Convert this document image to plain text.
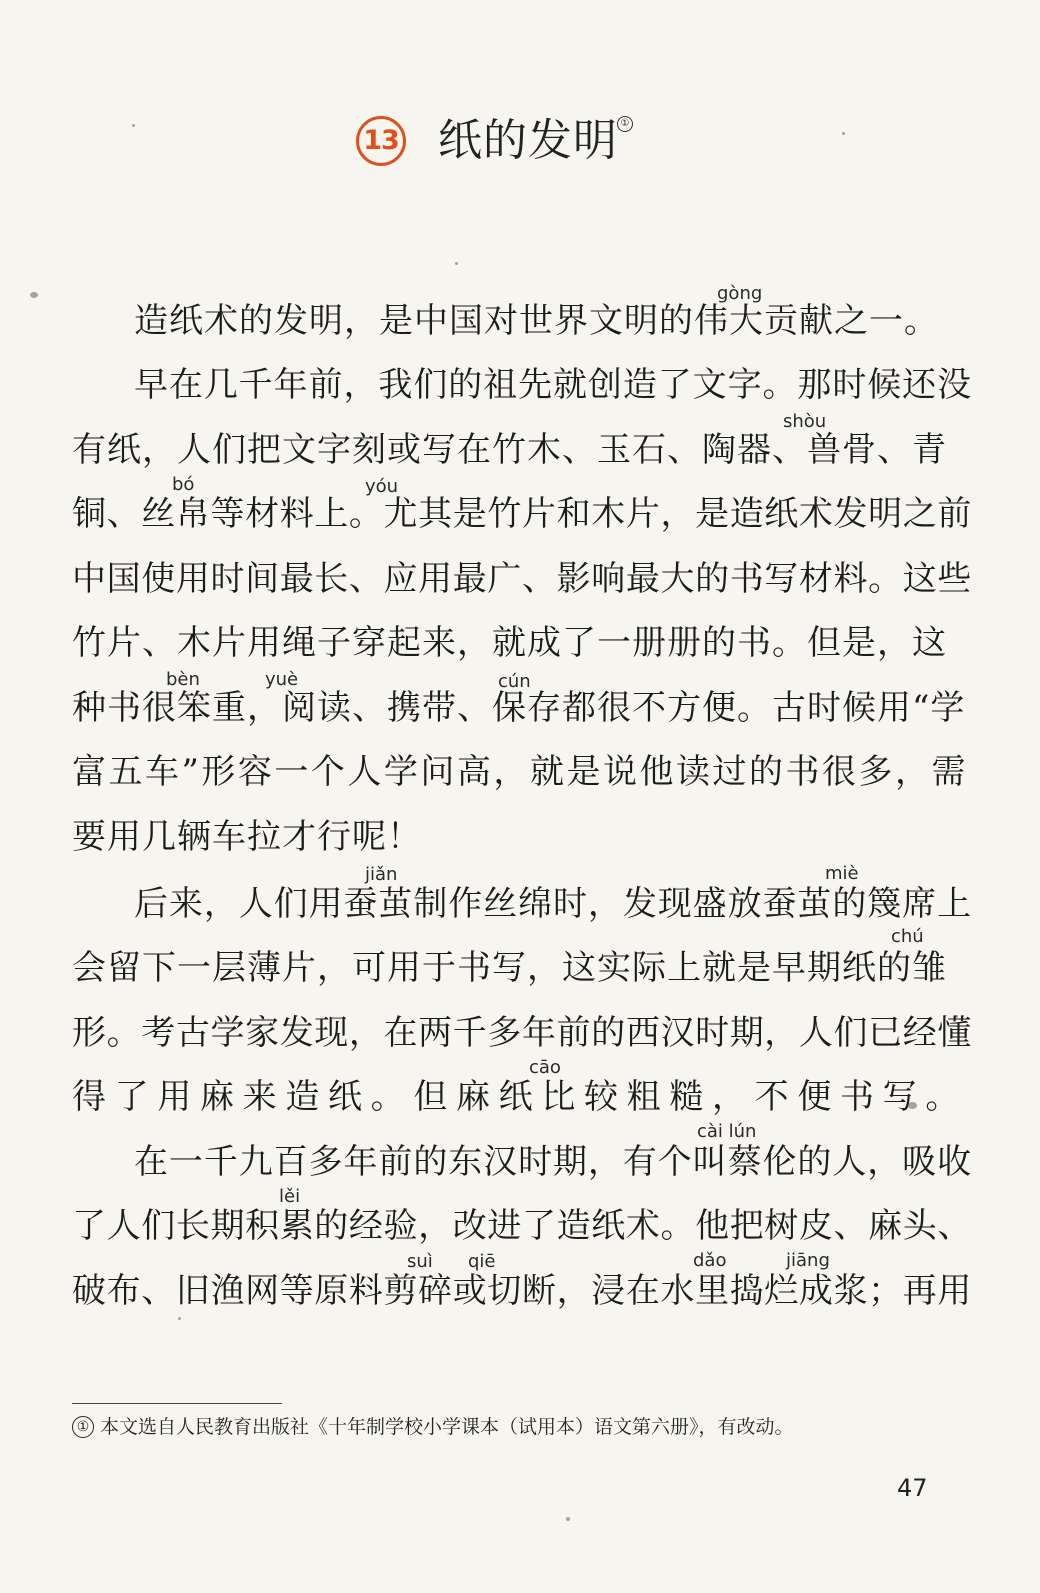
13 纸的发明 ①
造纸术的发明，是中国对世界文明的伟大贡献之一。
早在几千年前，我们的祖先就创造了文字。那时候还没
有纸，人们把文字刻或写在竹木、玉石、陶器、兽骨、青
铜、丝帛等材料上。尤其是竹片和木片，是造纸术发明之前
中国使用时间最长、应用最广、影响最大的书写材料。这些
竹片、木片用绳子穿起来，就成了一册册的书。但是，这
种书很笨重，阅读、携带、保存都很不方便。古时候用“学
富五车”形容一个人学问高，就是说他读过的书很多，需
要用几辆车拉才行呢！
后来，人们用蚕茧制作丝绵时，发现盛放蚕茧的篾席上
会留下一层薄片，可用于书写，这实际上就是早期纸的雏
形。考古学家发现，在两千多年前的西汉时期，人们已经懂
得了用麻来造纸。但麻纸比较粗糙，不便书写。
在一千九百多年前的东汉时期，有个叫蔡伦的人，吸收
了人们长期积累的经验，改进了造纸术。他把树皮、麻头、
破布、旧渔网等原料剪碎或切断，浸在水里捣烂成浆；再用
gòng
shòu
bó	yóu
bèn	yuè	cún
jiǎn	miè
chú
cāo
cài lún
lěi
suì qiē	dǎo	jiāng
① 本文选自人民教育出版社《十年制学校小学课本（试用本）语文第六册》，有改动。
47
